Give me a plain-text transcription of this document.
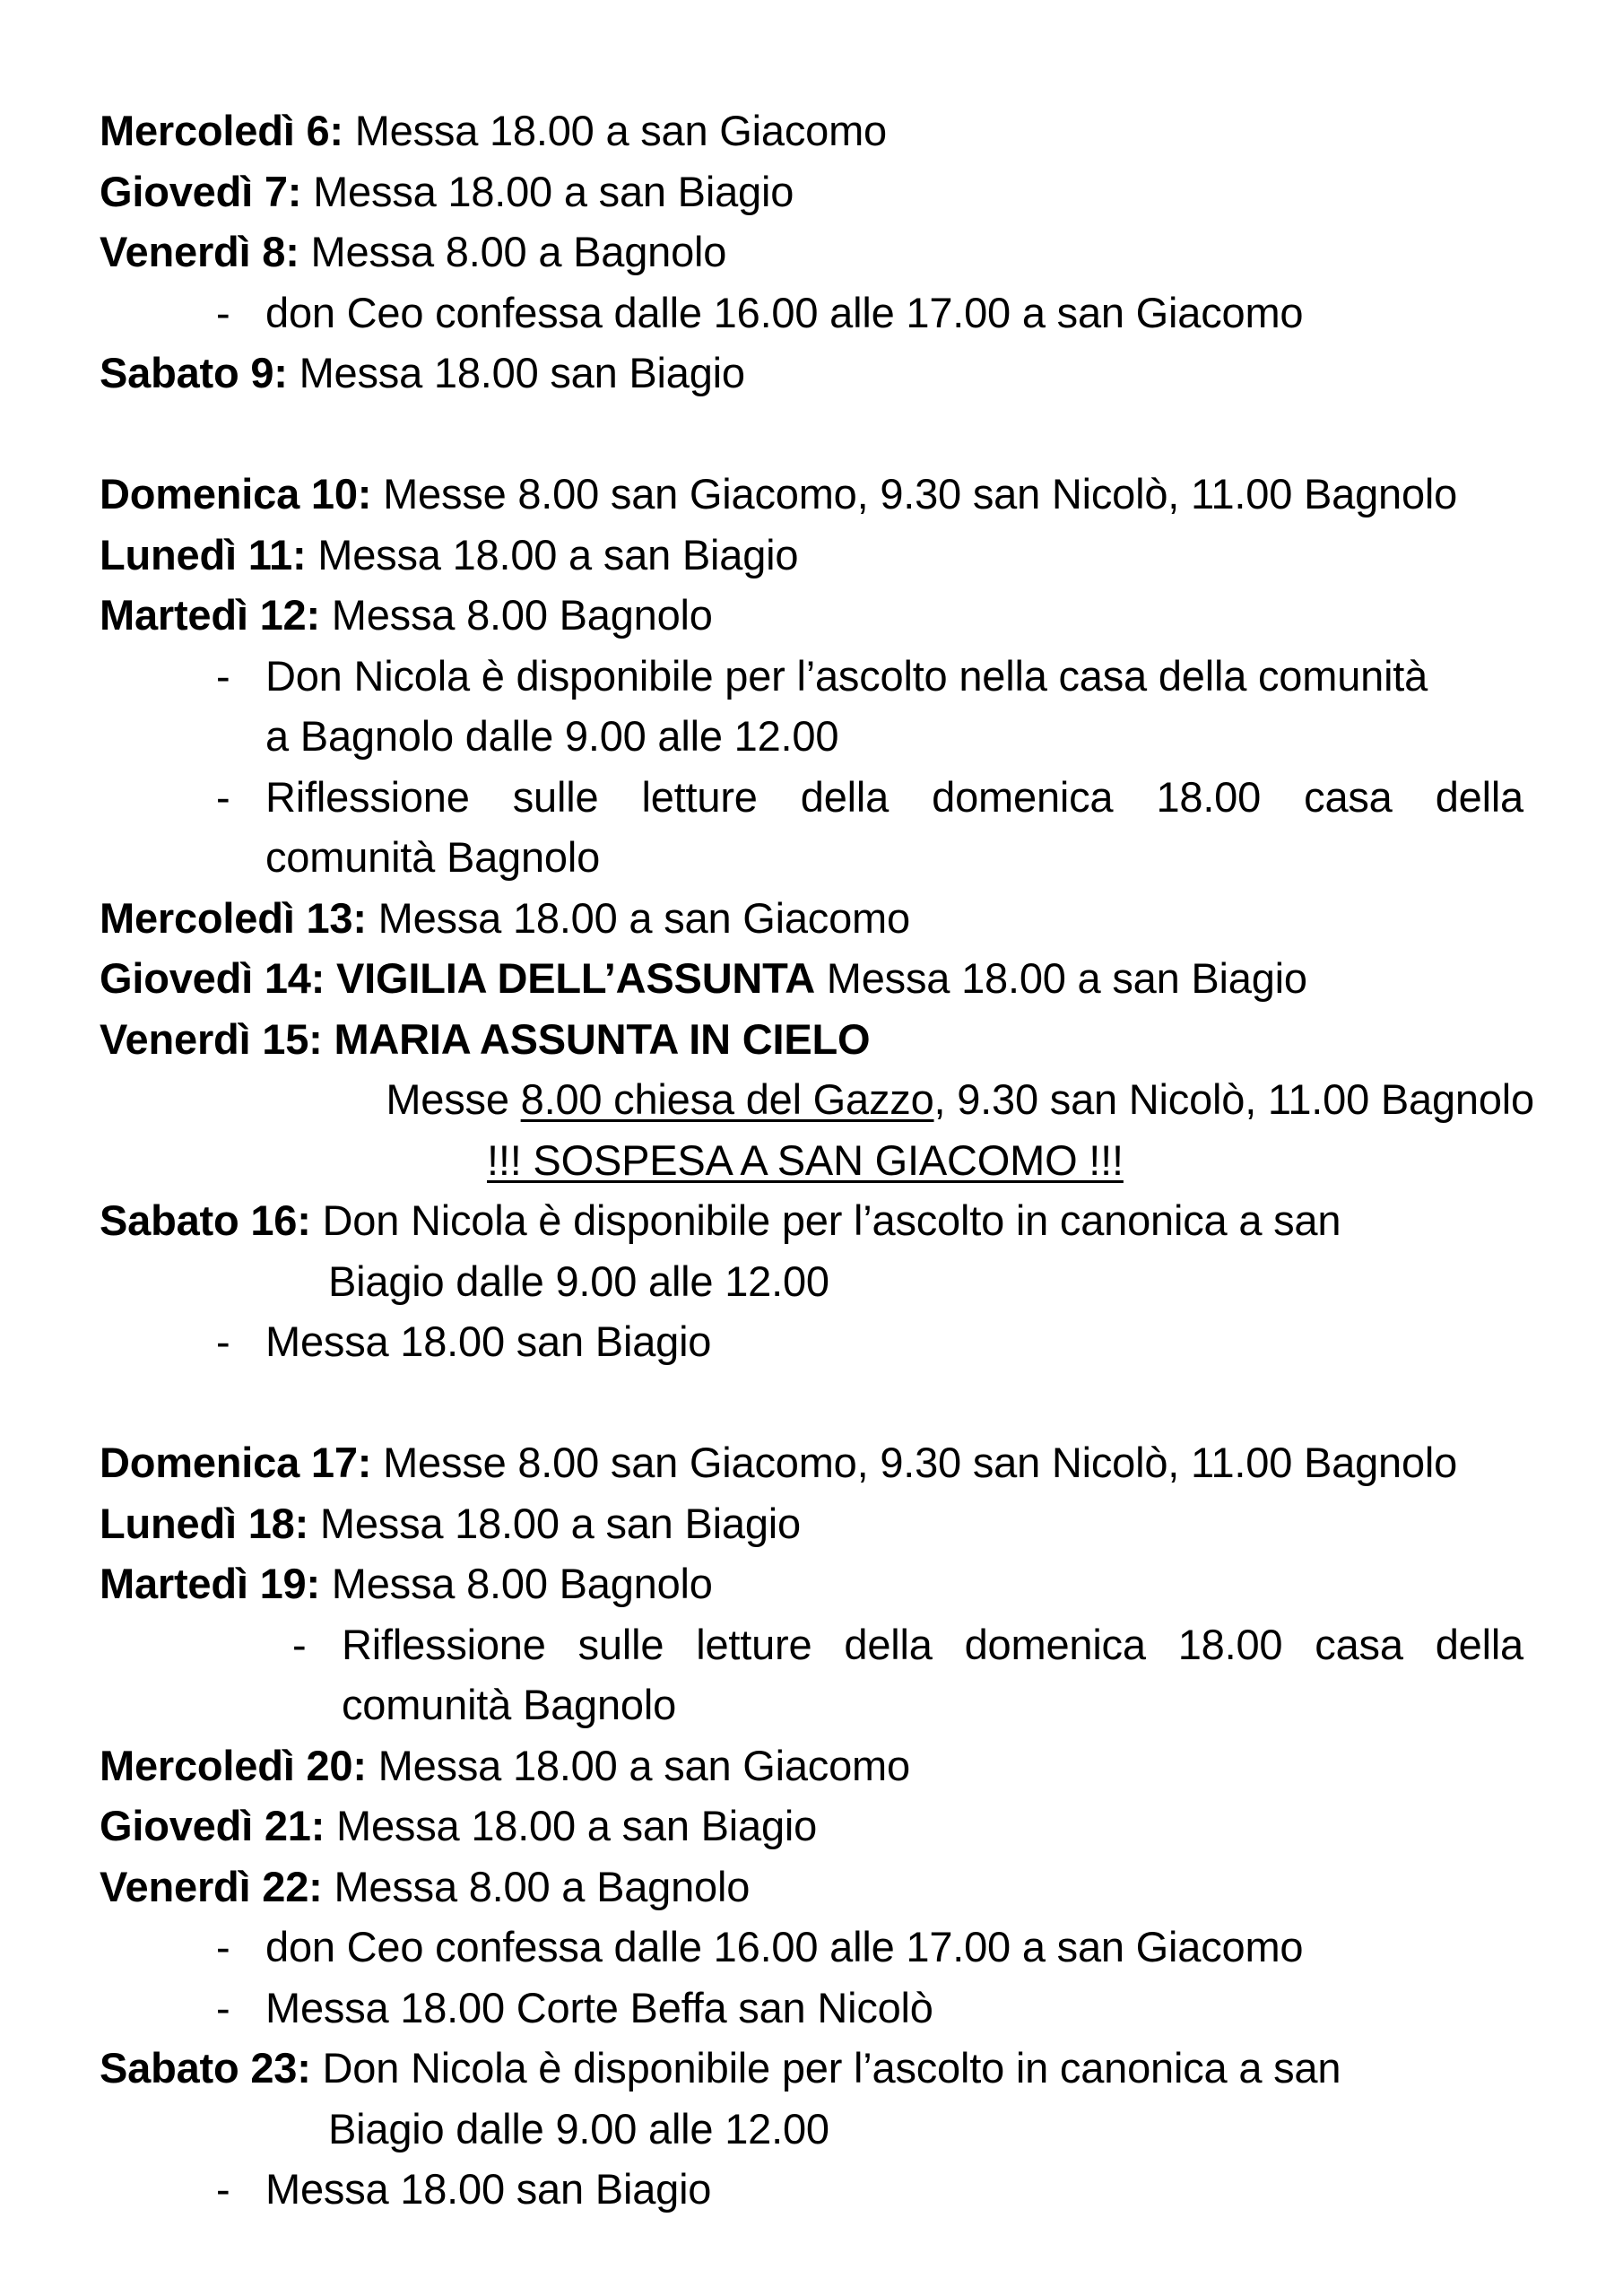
Mercoledì 6: Messa 18.00 a san Giacomo
Giovedì 7: Messa 18.00 a san Biagio
Venerdì 8: Messa 8.00 a Bagnolo
- don Ceo confessa dalle 16.00 alle 17.00 a san Giacomo
Sabato 9: Messa 18.00 san Biagio
Domenica 10: Messe 8.00 san Giacomo, 9.30 san Nicolò, 11.00 Bagnolo
Lunedì 11: Messa 18.00 a san Biagio
Martedì 12: Messa 8.00 Bagnolo
- Don Nicola è disponibile per l’ascolto nella casa della comunità
a Bagnolo dalle 9.00 alle 12.00
- Riflessione sulle letture della domenica 18.00 casa della
comunità Bagnolo
Mercoledì 13: Messa 18.00 a san Giacomo
Giovedì 14: VIGILIA DELL’ASSUNTA Messa 18.00 a san Biagio
Venerdì 15: MARIA ASSUNTA IN CIELO
Messe 8.00 chiesa del Gazzo, 9.30 san Nicolò, 11.00 Bagnolo
!!! SOSPESA A SAN GIACOMO !!!
Sabato 16: Don Nicola è disponibile per l’ascolto in canonica a san
Biagio dalle 9.00 alle 12.00
- Messa 18.00 san Biagio
Domenica 17: Messe 8.00 san Giacomo, 9.30 san Nicolò, 11.00 Bagnolo
Lunedì 18: Messa 18.00 a san Biagio
Martedì 19: Messa 8.00 Bagnolo
- Riflessione sulle letture della domenica 18.00 casa della
comunità Bagnolo
Mercoledì 20: Messa 18.00 a san Giacomo
Giovedì 21: Messa 18.00 a san Biagio
Venerdì 22: Messa 8.00 a Bagnolo
- don Ceo confessa dalle 16.00 alle 17.00 a san Giacomo
- Messa 18.00 Corte Beffa san Nicolò
Sabato 23: Don Nicola è disponibile per l’ascolto in canonica a san
Biagio dalle 9.00 alle 12.00
- Messa 18.00 san Biagio
